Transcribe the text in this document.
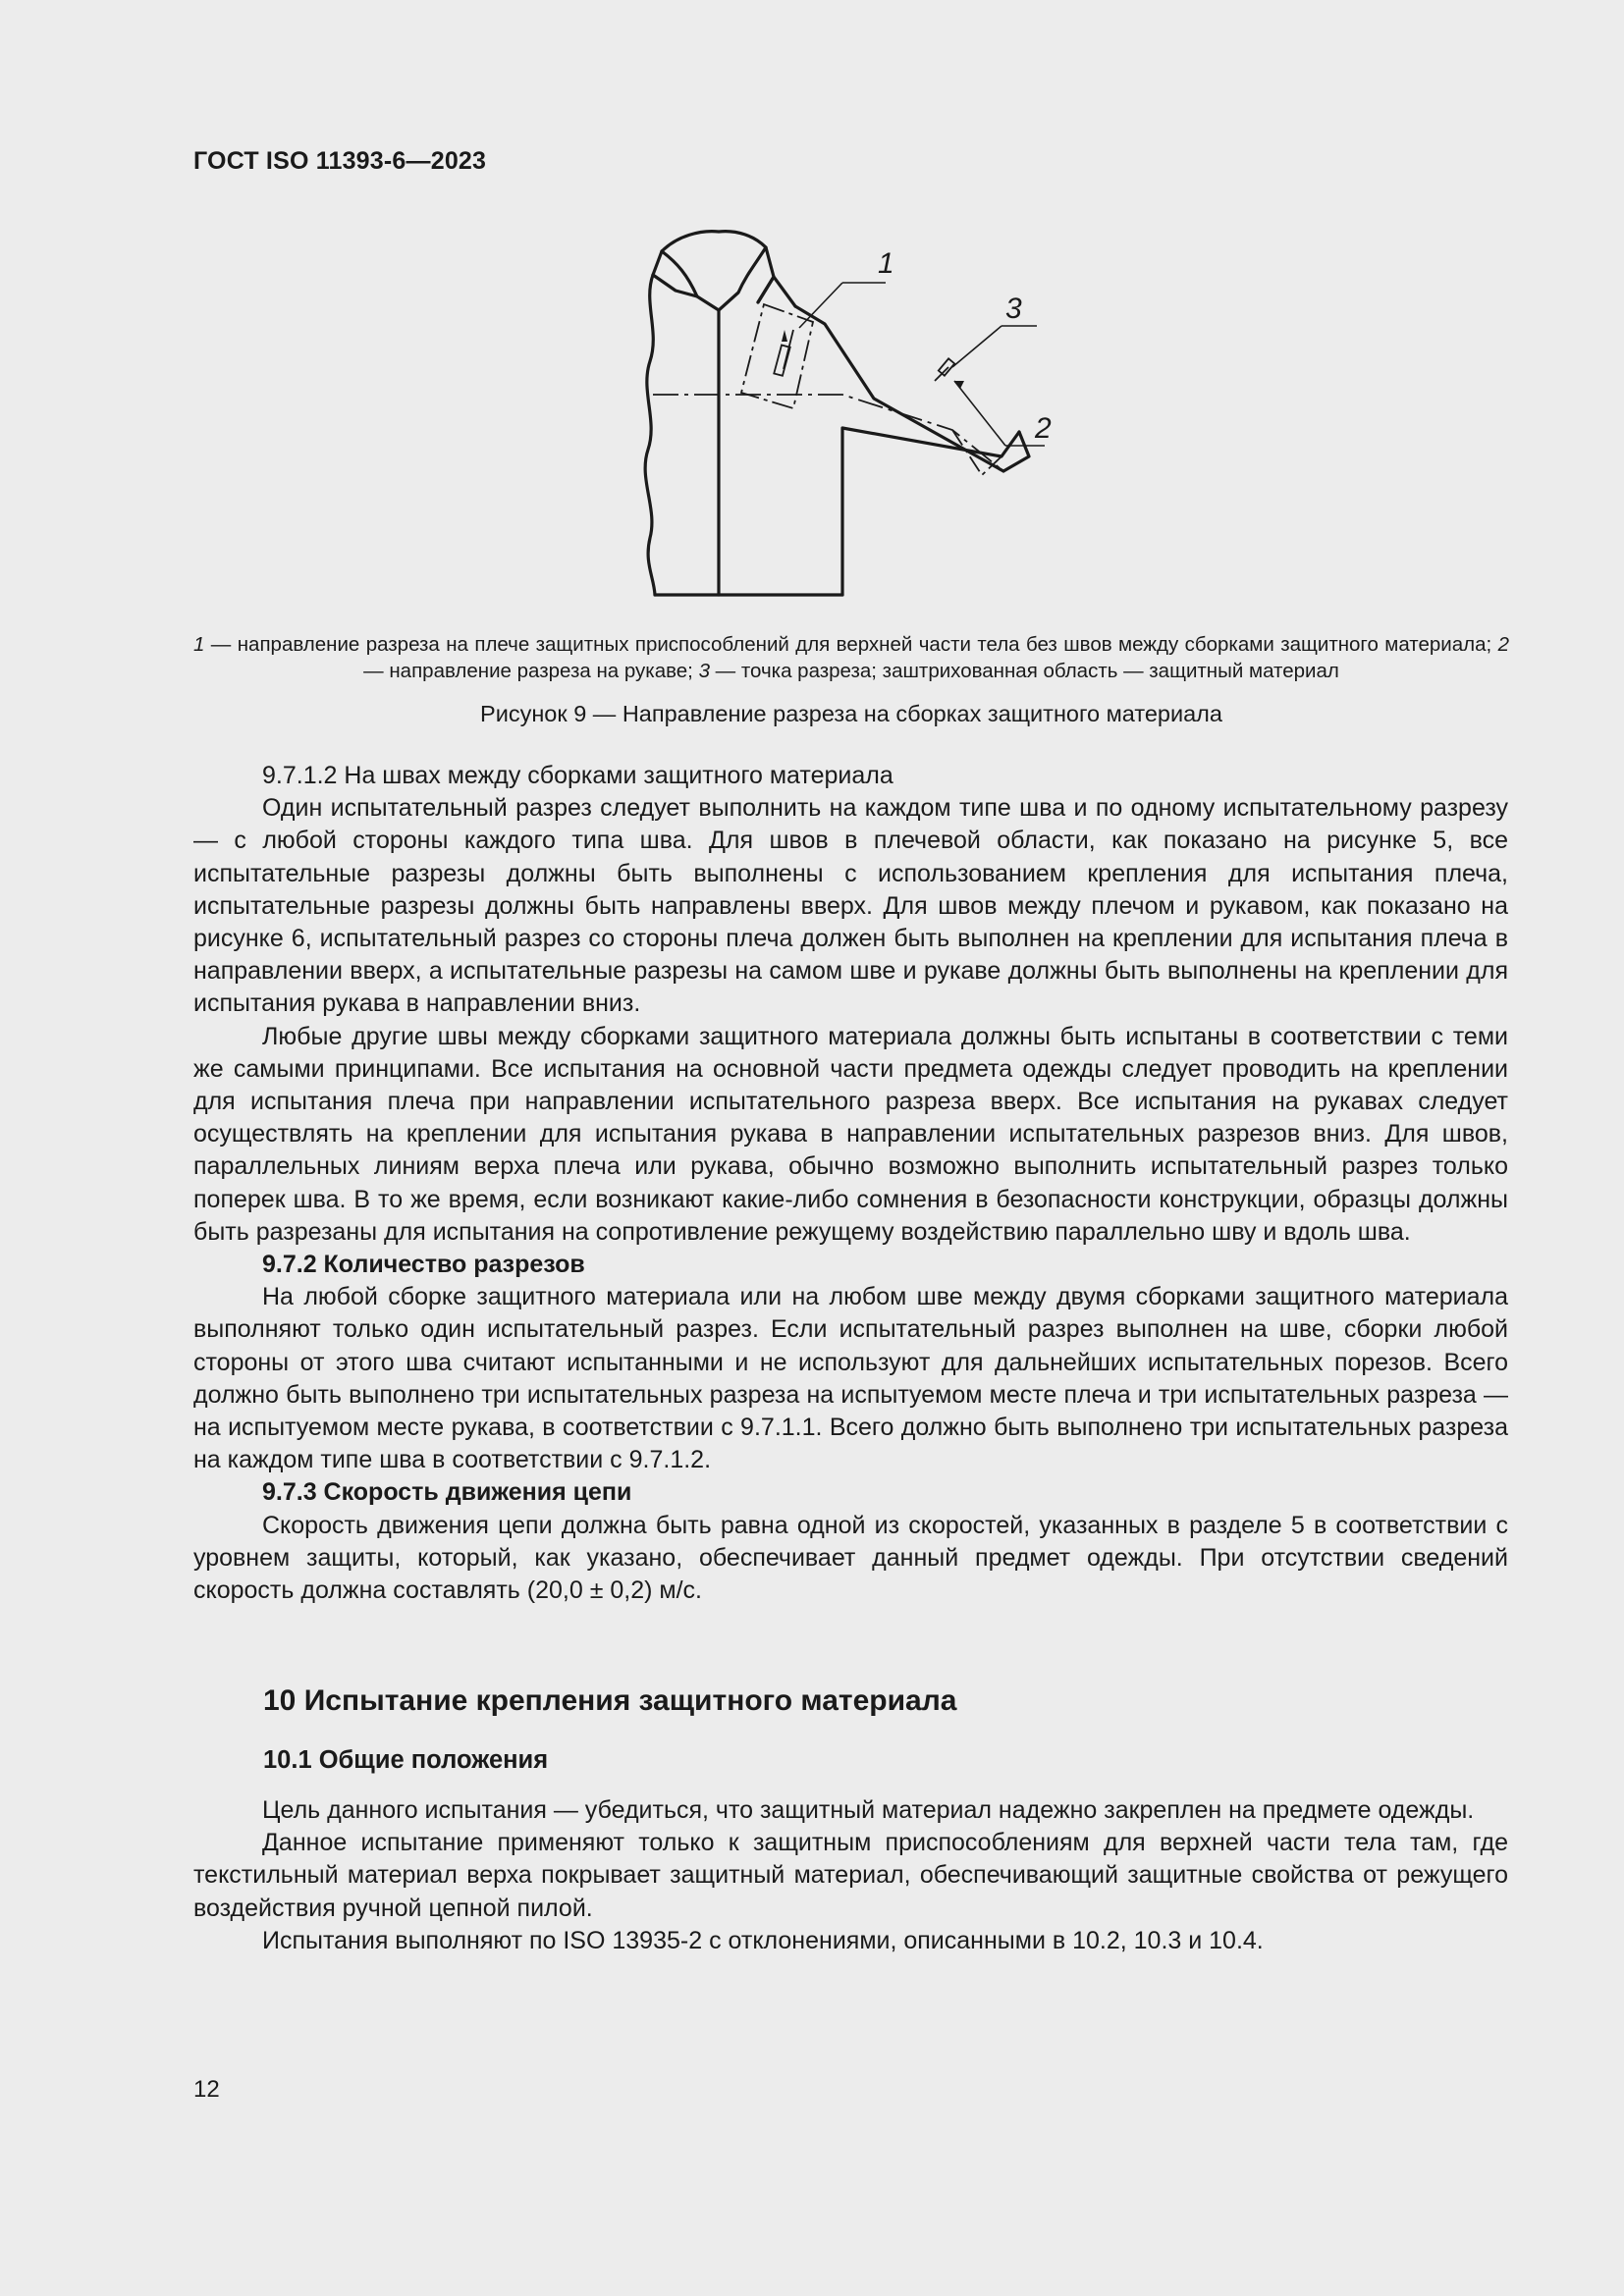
ГОСТ ISO 11393-6—2023
1
3
2
1 — направление разреза на плече защитных приспособлений для верхней части тела без швов между сборками защитного материала; 2 — направление разреза на рукаве; 3 — точка разреза; заштрихованная область — защитный материал
Рисунок 9 — Направление разреза на сборках защитного материала

9.7.1.2 На швах между сборками защитного материала

Один испытательный разрез следует выполнить на каждом типе шва и по одному испытательному разрезу — с любой стороны каждого типа шва. Для швов в плечевой области, как показано на рисунке 5, все испытательные разрезы должны быть выполнены с использованием крепления для испытания плеча, испытательные разрезы должны быть направлены вверх. Для швов между плечом и рукавом, как показано на рисунке 6, испытательный разрез со стороны плеча должен быть выполнен на креплении для испытания плеча в направлении вверх, а испытательные разрезы на самом шве и рукаве должны быть выполнены на креплении для испытания рукава в направлении вниз.

Любые другие швы между сборками защитного материала должны быть испытаны в соответствии с теми же самыми принципами. Все испытания на основной части предмета одежды следует проводить на креплении для испытания плеча при направлении испытательного разреза вверх. Все испытания на рукавах следует осуществлять на креплении для испытания рукава в направлении испытательных разрезов вниз. Для швов, параллельных линиям верха плеча или рукава, обычно возможно выполнить испытательный разрез только поперек шва. В то же время, если возникают какие-либо сомнения в безопасности конструкции, образцы должны быть разрезаны для испытания на сопротивление режущему воздействию параллельно шву и вдоль шва.

9.7.2 Количество разрезов

На любой сборке защитного материала или на любом шве между двумя сборками защитного материала выполняют только один испытательный разрез. Если испытательный разрез выполнен на шве, сборки любой стороны от этого шва считают испытанными и не используют для дальнейших испытательных порезов. Всего должно быть выполнено три испытательных разреза на испытуемом месте плеча и три испытательных разреза — на испытуемом месте рукава, в соответствии с 9.7.1.1. Всего должно быть выполнено три испытательных разреза на каждом типе шва в соответствии с 9.7.1.2.

9.7.3 Скорость движения цепи

Скорость движения цепи должна быть равна одной из скоростей, указанных в разделе 5 в соответствии с уровнем защиты, который, как указано, обеспечивает данный предмет одежды. При отсутствии сведений скорость должна составлять (20,0 ± 0,2) м/с.

10 Испытание крепления защитного материала
10.1 Общие положения

Цель данного испытания — убедиться, что защитный материал надежно закреплен на предмете одежды.

Данное испытание применяют только к защитным приспособлениям для верхней части тела там, где текстильный материал верха покрывает защитный материал, обеспечивающий защитные свойства от режущего воздействия ручной цепной пилой.

Испытания выполняют по ISO 13935-2 с отклонениями, описанными в 10.2, 10.3 и 10.4.

12
